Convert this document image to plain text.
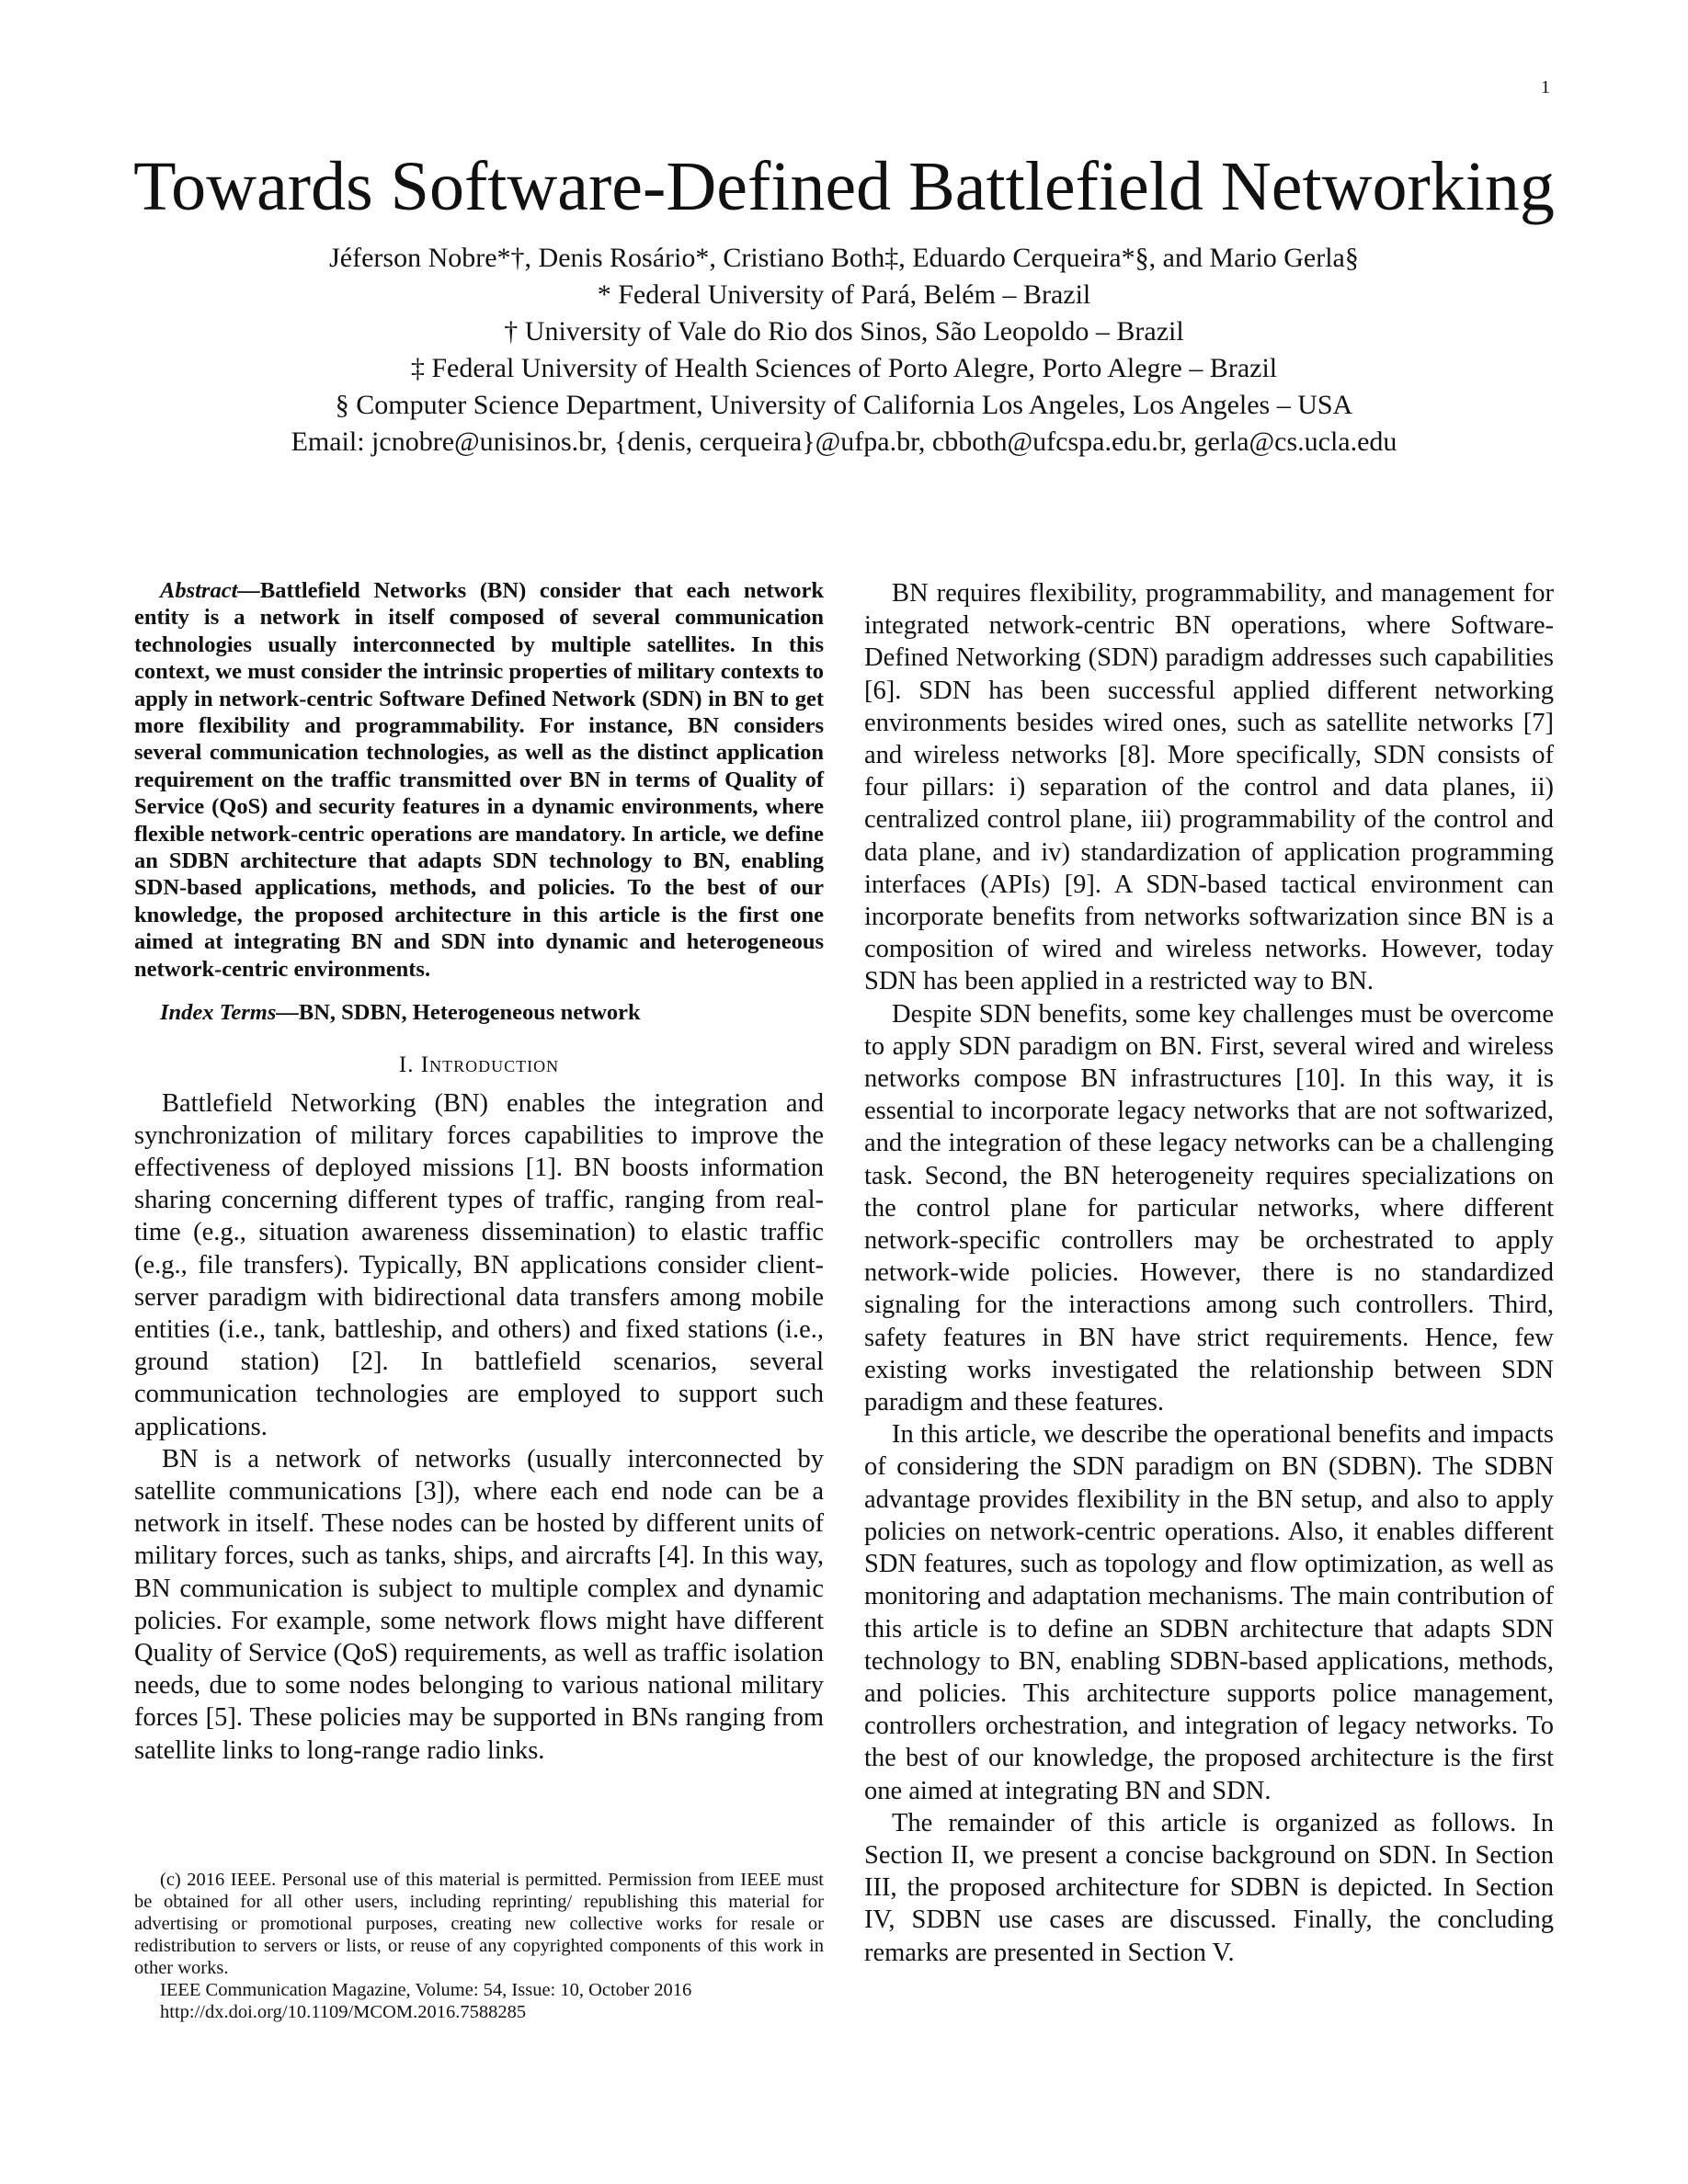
1
Towards Software-Defined Battlefield Networking
Jéferson Nobre*†, Denis Rosário*, Cristiano Both‡, Eduardo Cerqueira*§, and Mario Gerla§
* Federal University of Pará, Belém – Brazil
† University of Vale do Rio dos Sinos, São Leopoldo – Brazil
‡ Federal University of Health Sciences of Porto Alegre, Porto Alegre – Brazil
§ Computer Science Department, University of California Los Angeles, Los Angeles – USA
Email: jcnobre@unisinos.br, {denis, cerqueira}@ufpa.br, cbboth@ufcspa.edu.br, gerla@cs.ucla.edu

Abstract—Battlefield Networks (BN) consider that each network entity is a network in itself composed of several communication technologies usually interconnected by multiple satellites. In this context, we must consider the intrinsic properties of military contexts to apply in network-centric Software Defined Network (SDN) in BN to get more flexibility and programmability. For instance, BN considers several communication technologies, as well as the distinct application requirement on the traffic transmitted over BN in terms of Quality of Service (QoS) and security features in a dynamic environments, where flexible network-centric operations are mandatory. In article, we define an SDBN architecture that adapts SDN technology to BN, enabling SDN-based applications, methods, and policies. To the best of our knowledge, the proposed architecture in this article is the first one aimed at integrating BN and SDN into dynamic and heterogeneous network-centric environments.

Index Terms—BN, SDBN, Heterogeneous network

I. Introduction

Battlefield Networking (BN) enables the integration and synchronization of military forces capabilities to improve the effectiveness of deployed missions [1]. BN boosts information sharing concerning different types of traffic, ranging from real-time (e.g., situation awareness dissemination) to elastic traffic (e.g., file transfers). Typically, BN applications consider client-server paradigm with bidirectional data transfers among mobile entities (i.e., tank, battleship, and others) and fixed stations (i.e., ground station) [2]. In battlefield scenarios, several communication technologies are employed to support such applications.

BN is a network of networks (usually interconnected by satellite communications [3]), where each end node can be a network in itself. These nodes can be hosted by different units of military forces, such as tanks, ships, and aircrafts [4]. In this way, BN communication is subject to multiple complex and dynamic policies. For example, some network flows might have different Quality of Service (QoS) requirements, as well as traffic isolation needs, due to some nodes belonging to various national military forces [5]. These policies may be supported in BNs ranging from satellite links to long-range radio links.

BN requires flexibility, programmability, and management for integrated network-centric BN operations, where Software-Defined Networking (SDN) paradigm addresses such capabilities [6]. SDN has been successful applied different networking environments besides wired ones, such as satellite networks [7] and wireless networks [8]. More specifically, SDN consists of four pillars: i) separation of the control and data planes, ii) centralized control plane, iii) programmability of the control and data plane, and iv) standardization of application programming interfaces (APIs) [9]. A SDN-based tactical environment can incorporate benefits from networks softwarization since BN is a composition of wired and wireless networks. However, today SDN has been applied in a restricted way to BN.

Despite SDN benefits, some key challenges must be overcome to apply SDN paradigm on BN. First, several wired and wireless networks compose BN infrastructures [10]. In this way, it is essential to incorporate legacy networks that are not softwarized, and the integration of these legacy networks can be a challenging task. Second, the BN heterogeneity requires specializations on the control plane for particular networks, where different network-specific controllers may be orchestrated to apply network-wide policies. However, there is no standardized signaling for the interactions among such controllers. Third, safety features in BN have strict requirements. Hence, few existing works investigated the relationship between SDN paradigm and these features.

In this article, we describe the operational benefits and impacts of considering the SDN paradigm on BN (SDBN). The SDBN advantage provides flexibility in the BN setup, and also to apply policies on network-centric operations. Also, it enables different SDN features, such as topology and flow optimization, as well as monitoring and adaptation mechanisms. The main contribution of this article is to define an SDBN architecture that adapts SDN technology to BN, enabling SDBN-based applications, methods, and policies. This architecture supports police management, controllers orchestration, and integration of legacy networks. To the best of our knowledge, the proposed architecture is the first one aimed at integrating BN and SDN.

The remainder of this article is organized as follows. In Section II, we present a concise background on SDN. In Section III, the proposed architecture for SDBN is depicted. In Section IV, SDBN use cases are discussed. Finally, the concluding remarks are presented in Section V.

(c) 2016 IEEE. Personal use of this material is permitted. Permission from IEEE must be obtained for all other users, including reprinting/ republishing this material for advertising or promotional purposes, creating new collective works for resale or redistribution to servers or lists, or reuse of any copyrighted components of this work in other works.

IEEE Communication Magazine, Volume: 54, Issue: 10, October 2016

http://dx.doi.org/10.1109/MCOM.2016.7588285
